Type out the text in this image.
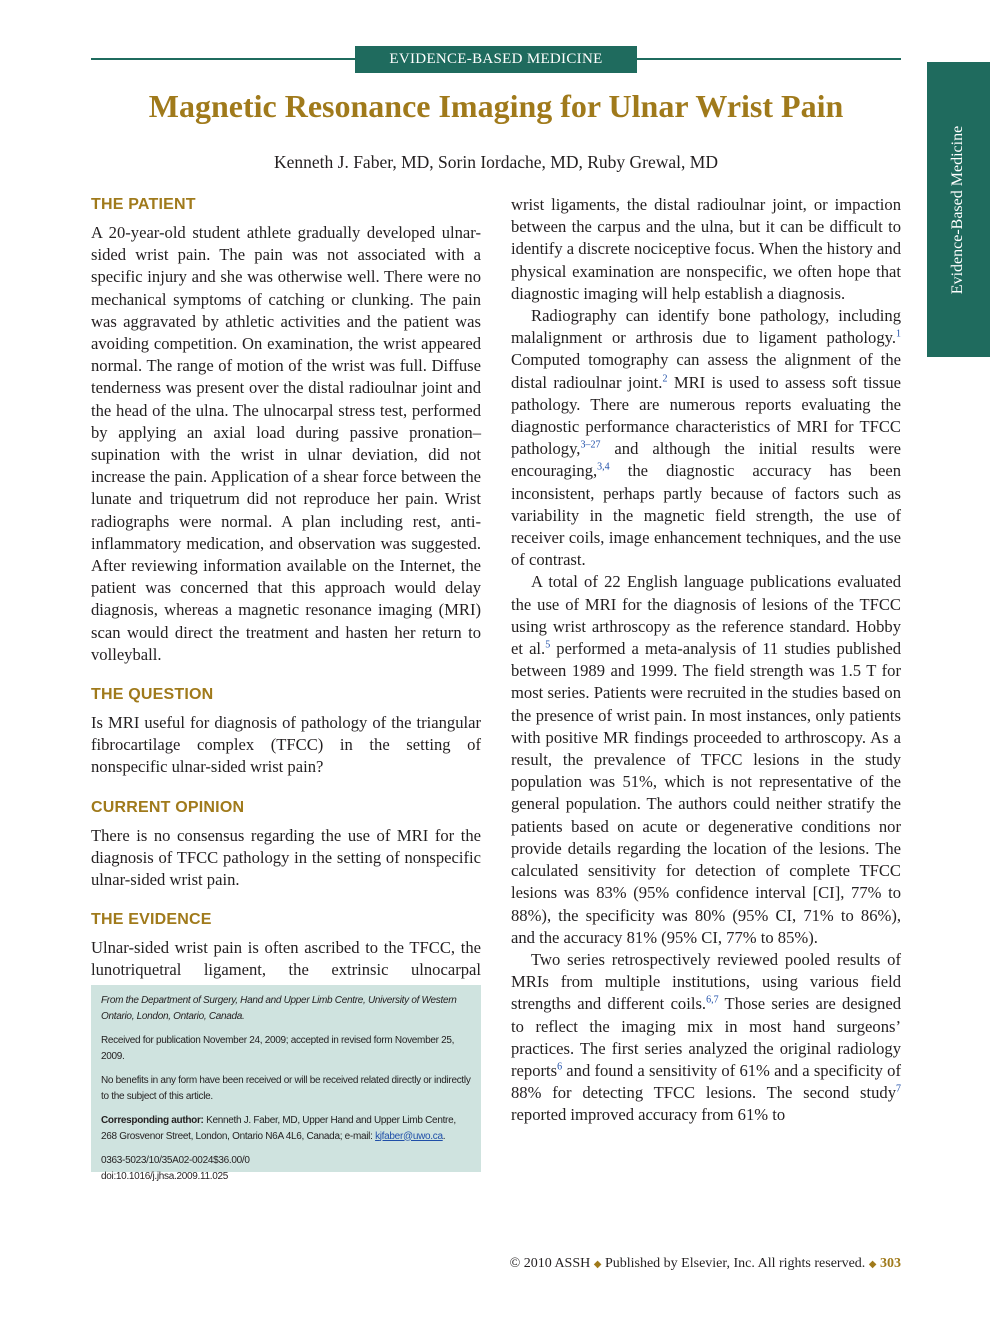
EVIDENCE-BASED MEDICINE
Evidence-Based Medicine
Magnetic Resonance Imaging for Ulnar Wrist Pain
Kenneth J. Faber, MD, Sorin Iordache, MD, Ruby Grewal, MD
THE PATIENT

A 20-year-old student athlete gradually developed ulnar-sided wrist pain. The pain was not associated with a specific injury and she was otherwise well. There were no mechanical symptoms of catching or clunking. The pain was aggravated by athletic activities and the patient was avoiding competition. On examination, the wrist appeared normal. The range of motion of the wrist was full. Diffuse tenderness was present over the distal radioulnar joint and the head of the ulna. The ulnocarpal stress test, performed by applying an axial load during passive pronation–supination with the wrist in ulnar deviation, did not increase the pain. Application of a shear force between the lunate and triquetrum did not reproduce her pain. Wrist radiographs were normal. A plan including rest, anti-inflammatory medication, and observation was suggested. After reviewing information available on the Internet, the patient was concerned that this approach would delay diagnosis, whereas a magnetic resonance imaging (MRI) scan would direct the treatment and hasten her return to volleyball.

THE QUESTION

Is MRI useful for diagnosis of pathology of the triangular fibrocartilage complex (TFCC) in the setting of nonspecific ulnar-sided wrist pain?

CURRENT OPINION

There is no consensus regarding the use of MRI for the diagnosis of TFCC pathology in the setting of nonspecific ulnar-sided wrist pain.

THE EVIDENCE

Ulnar-sided wrist pain is often ascribed to the TFCC, the lunotriquetral ligament, the extrinsic ulnocarpal

wrist ligaments, the distal radioulnar joint, or impaction between the carpus and the ulna, but it can be difficult to identify a discrete nociceptive focus. When the history and physical examination are nonspecific, we often hope that diagnostic imaging will help establish a diagnosis.

Radiography can identify bone pathology, including malalignment or arthrosis due to ligament pathology.$^1$ Computed tomography can assess the alignment of the distal radioulnar joint.$^2$ MRI is used to assess soft tissue pathology. There are numerous reports evaluating the diagnostic performance characteristics of MRI for TFCC pathology,$^{3-27}$ and although the initial results were encouraging,$^{3,4}$ the diagnostic accuracy has been inconsistent, perhaps partly because of factors such as variability in the magnetic field strength, the use of receiver coils, image enhancement techniques, and the use of contrast.

A total of 22 English language publications evaluated the use of MRI for the diagnosis of lesions of the TFCC using wrist arthroscopy as the reference standard. Hobby et al.$^5$ performed a meta-analysis of 11 studies published between 1989 and 1999. The field strength was 1.5 T for most series. Patients were recruited in the studies based on the presence of wrist pain. In most instances, only patients with positive MR findings proceeded to arthroscopy. As a result, the prevalence of TFCC lesions in the study population was 51%, which is not representative of the general population. The authors could neither stratify the patients based on acute or degenerative conditions nor provide details regarding the location of the lesions. The calculated sensitivity for detection of complete TFCC lesions was 83% (95% confidence interval [CI], 77% to 88%), the specificity was 80% (95% CI, 71% to 86%), and the accuracy 81% (95% CI, 77% to 85%).

Two series retrospectively reviewed pooled results of MRIs from multiple institutions, using various field strengths and different coils.$^{6,7}$ Those series are designed to reflect the imaging mix in most hand surgeons’ practices. The first series analyzed the original radiology reports$^6$ and found a sensitivity of 61% and a specificity of 88% for detecting TFCC lesions. The second study$^7$ reported improved accuracy from 61% to

From the Department of Surgery, Hand and Upper Limb Centre, University of Western Ontario, London, Ontario, Canada.

Received for publication November 24, 2009; accepted in revised form November 25, 2009.

No benefits in any form have been received or will be received related directly or indirectly to the subject of this article.

Corresponding author: Kenneth J. Faber, MD, Upper Hand and Upper Limb Centre, 268 Grosvenor Street, London, Ontario N6A 4L6, Canada; e-mail: kjfaber@uwo.ca.

0363-5023/10/35A02-0024$36.00/0
doi:10.1016/j.jhsa.2009.11.025

© 2010 ASSH ◆ Published by Elsevier, Inc. All rights reserved. ◆ 303
